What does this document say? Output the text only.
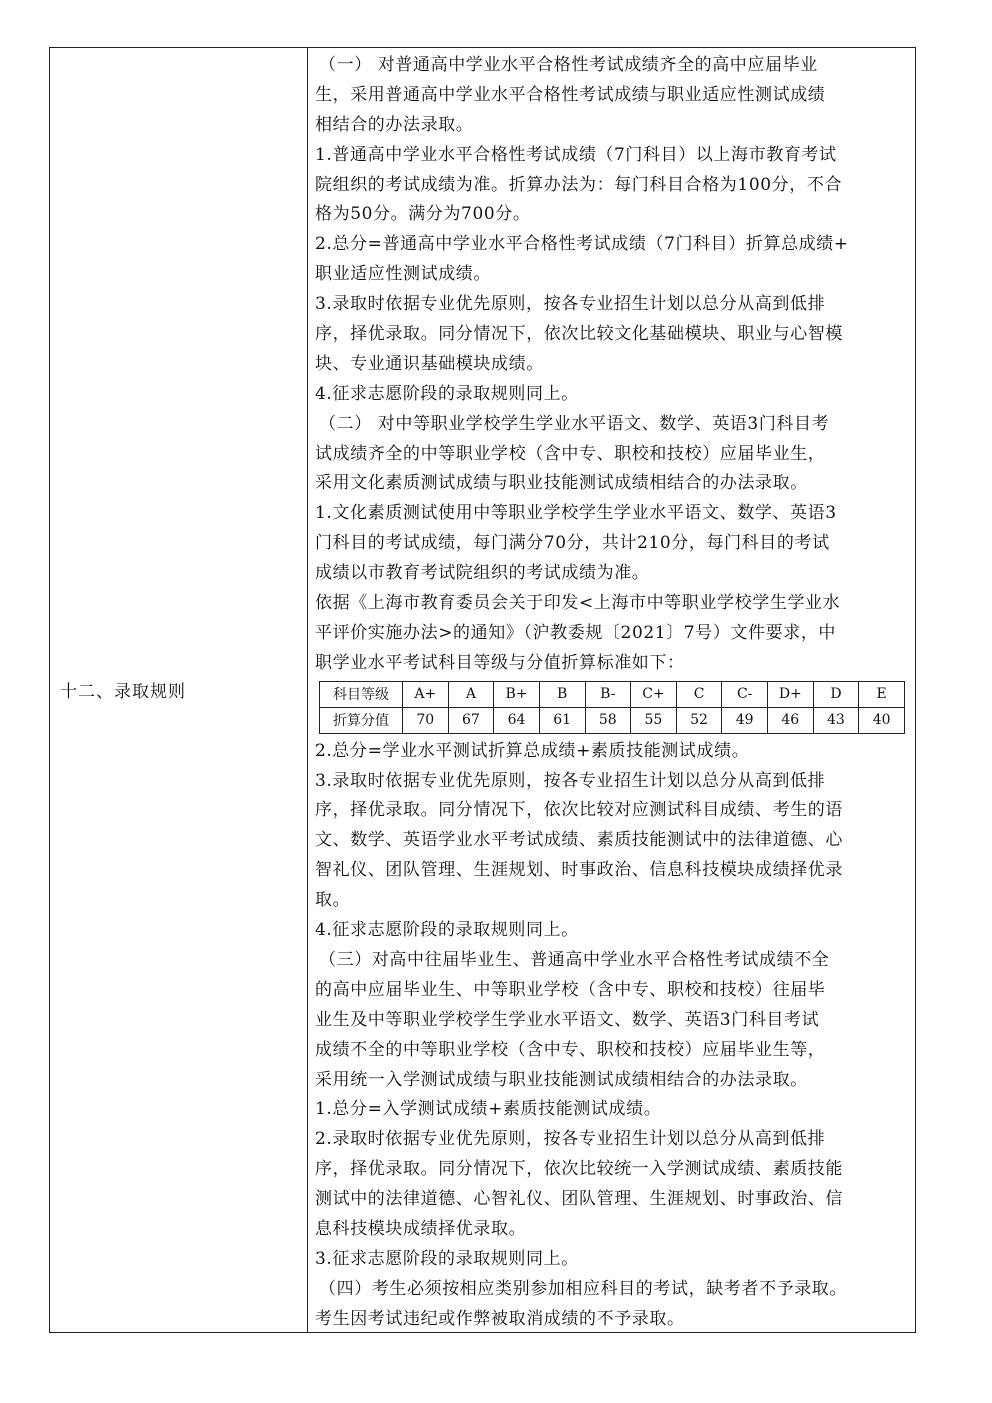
十二、录取规则
（一） 对普通高中学业水平合格性考试成绩齐全的高中应届毕业
生，采用普通高中学业水平合格性考试成绩与职业适应性测试成绩
相结合的办法录取。
1.普通高中学业水平合格性考试成绩（7门科目）以上海市教育考试
院组织的考试成绩为准。折算办法为：每门科目合格为100分，不合
格为50分。满分为700分。
2.总分=普通高中学业水平合格性考试成绩（7门科目）折算总成绩+
职业适应性测试成绩。
3.录取时依据专业优先原则，按各专业招生计划以总分从高到低排
序，择优录取。同分情况下，依次比较文化基础模块、职业与心智模
块、专业通识基础模块成绩。
4.征求志愿阶段的录取规则同上。
（二） 对中等职业学校学生学业水平语文、数学、英语3门科目考
试成绩齐全的中等职业学校（含中专、职校和技校）应届毕业生，
采用文化素质测试成绩与职业技能测试成绩相结合的办法录取。
1.文化素质测试使用中等职业学校学生学业水平语文、数学、英语3
门科目的考试成绩，每门满分70分，共计210分，每门科目的考试
成绩以市教育考试院组织的考试成绩为准。
依据《上海市教育委员会关于印发<上海市中等职业学校学生学业水
平评价实施办法>的通知》（沪教委规〔2021〕7号）文件要求，中
职学业水平考试科目等级与分值折算标准如下：
科目等级	A+	A	B+	B	B-	C+	C	C-	D+	D	E
折算分值	70	67	64	61	58	55	52	49	46	43	40
2.总分=学业水平测试折算总成绩+素质技能测试成绩。
3.录取时依据专业优先原则，按各专业招生计划以总分从高到低排
序，择优录取。同分情况下，依次比较对应测试科目成绩、考生的语
文、数学、英语学业水平考试成绩、素质技能测试中的法律道德、心
智礼仪、团队管理、生涯规划、时事政治、信息科技模块成绩择优录
取。
4.征求志愿阶段的录取规则同上。
（三）对高中往届毕业生、普通高中学业水平合格性考试成绩不全
的高中应届毕业生、中等职业学校（含中专、职校和技校）往届毕
业生及中等职业学校学生学业水平语文、数学、英语3门科目考试
成绩不全的中等职业学校（含中专、职校和技校）应届毕业生等，
采用统一入学测试成绩与职业技能测试成绩相结合的办法录取。
1.总分=入学测试成绩+素质技能测试成绩。
2.录取时依据专业优先原则，按各专业招生计划以总分从高到低排
序，择优录取。同分情况下，依次比较统一入学测试成绩、素质技能
测试中的法律道德、心智礼仪、团队管理、生涯规划、时事政治、信
息科技模块成绩择优录取。
3.征求志愿阶段的录取规则同上。
（四）考生必须按相应类别参加相应科目的考试，缺考者不予录取。
考生因考试违纪或作弊被取消成绩的不予录取。
